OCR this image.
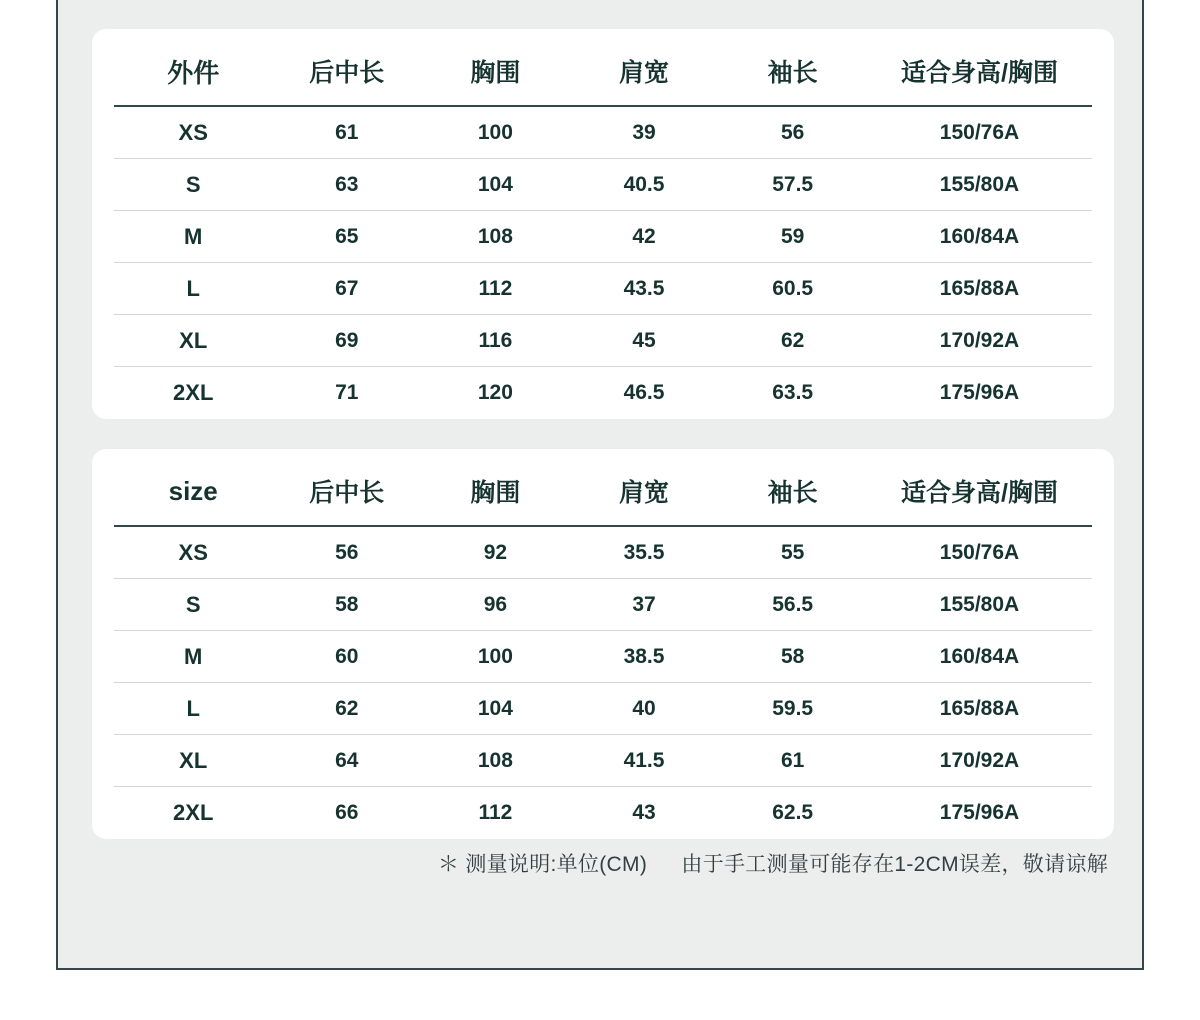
外件	后中长	胸围	肩宽	袖长	适合身高/胸围
XS	61	100	39	56	150/76A
S	63	104	40.5	57.5	155/80A
M	65	108	42	59	160/84A
L	67	112	43.5	60.5	165/88A
XL	69	116	45	62	170/92A
2XL	71	120	46.5	63.5	175/96A
size	后中长	胸围	肩宽	袖长	适合身高/胸围
XS	56	92	35.5	55	150/76A
S	58	96	37	56.5	155/80A
M	60	100	38.5	58	160/84A
L	62	104	40	59.5	165/88A
XL	64	108	41.5	61	170/92A
2XL	66	112	43	62.5	175/96A
＊ 测量说明:单位(CM) 由于手工测量可能存在1-2CM误差，敬请谅解
